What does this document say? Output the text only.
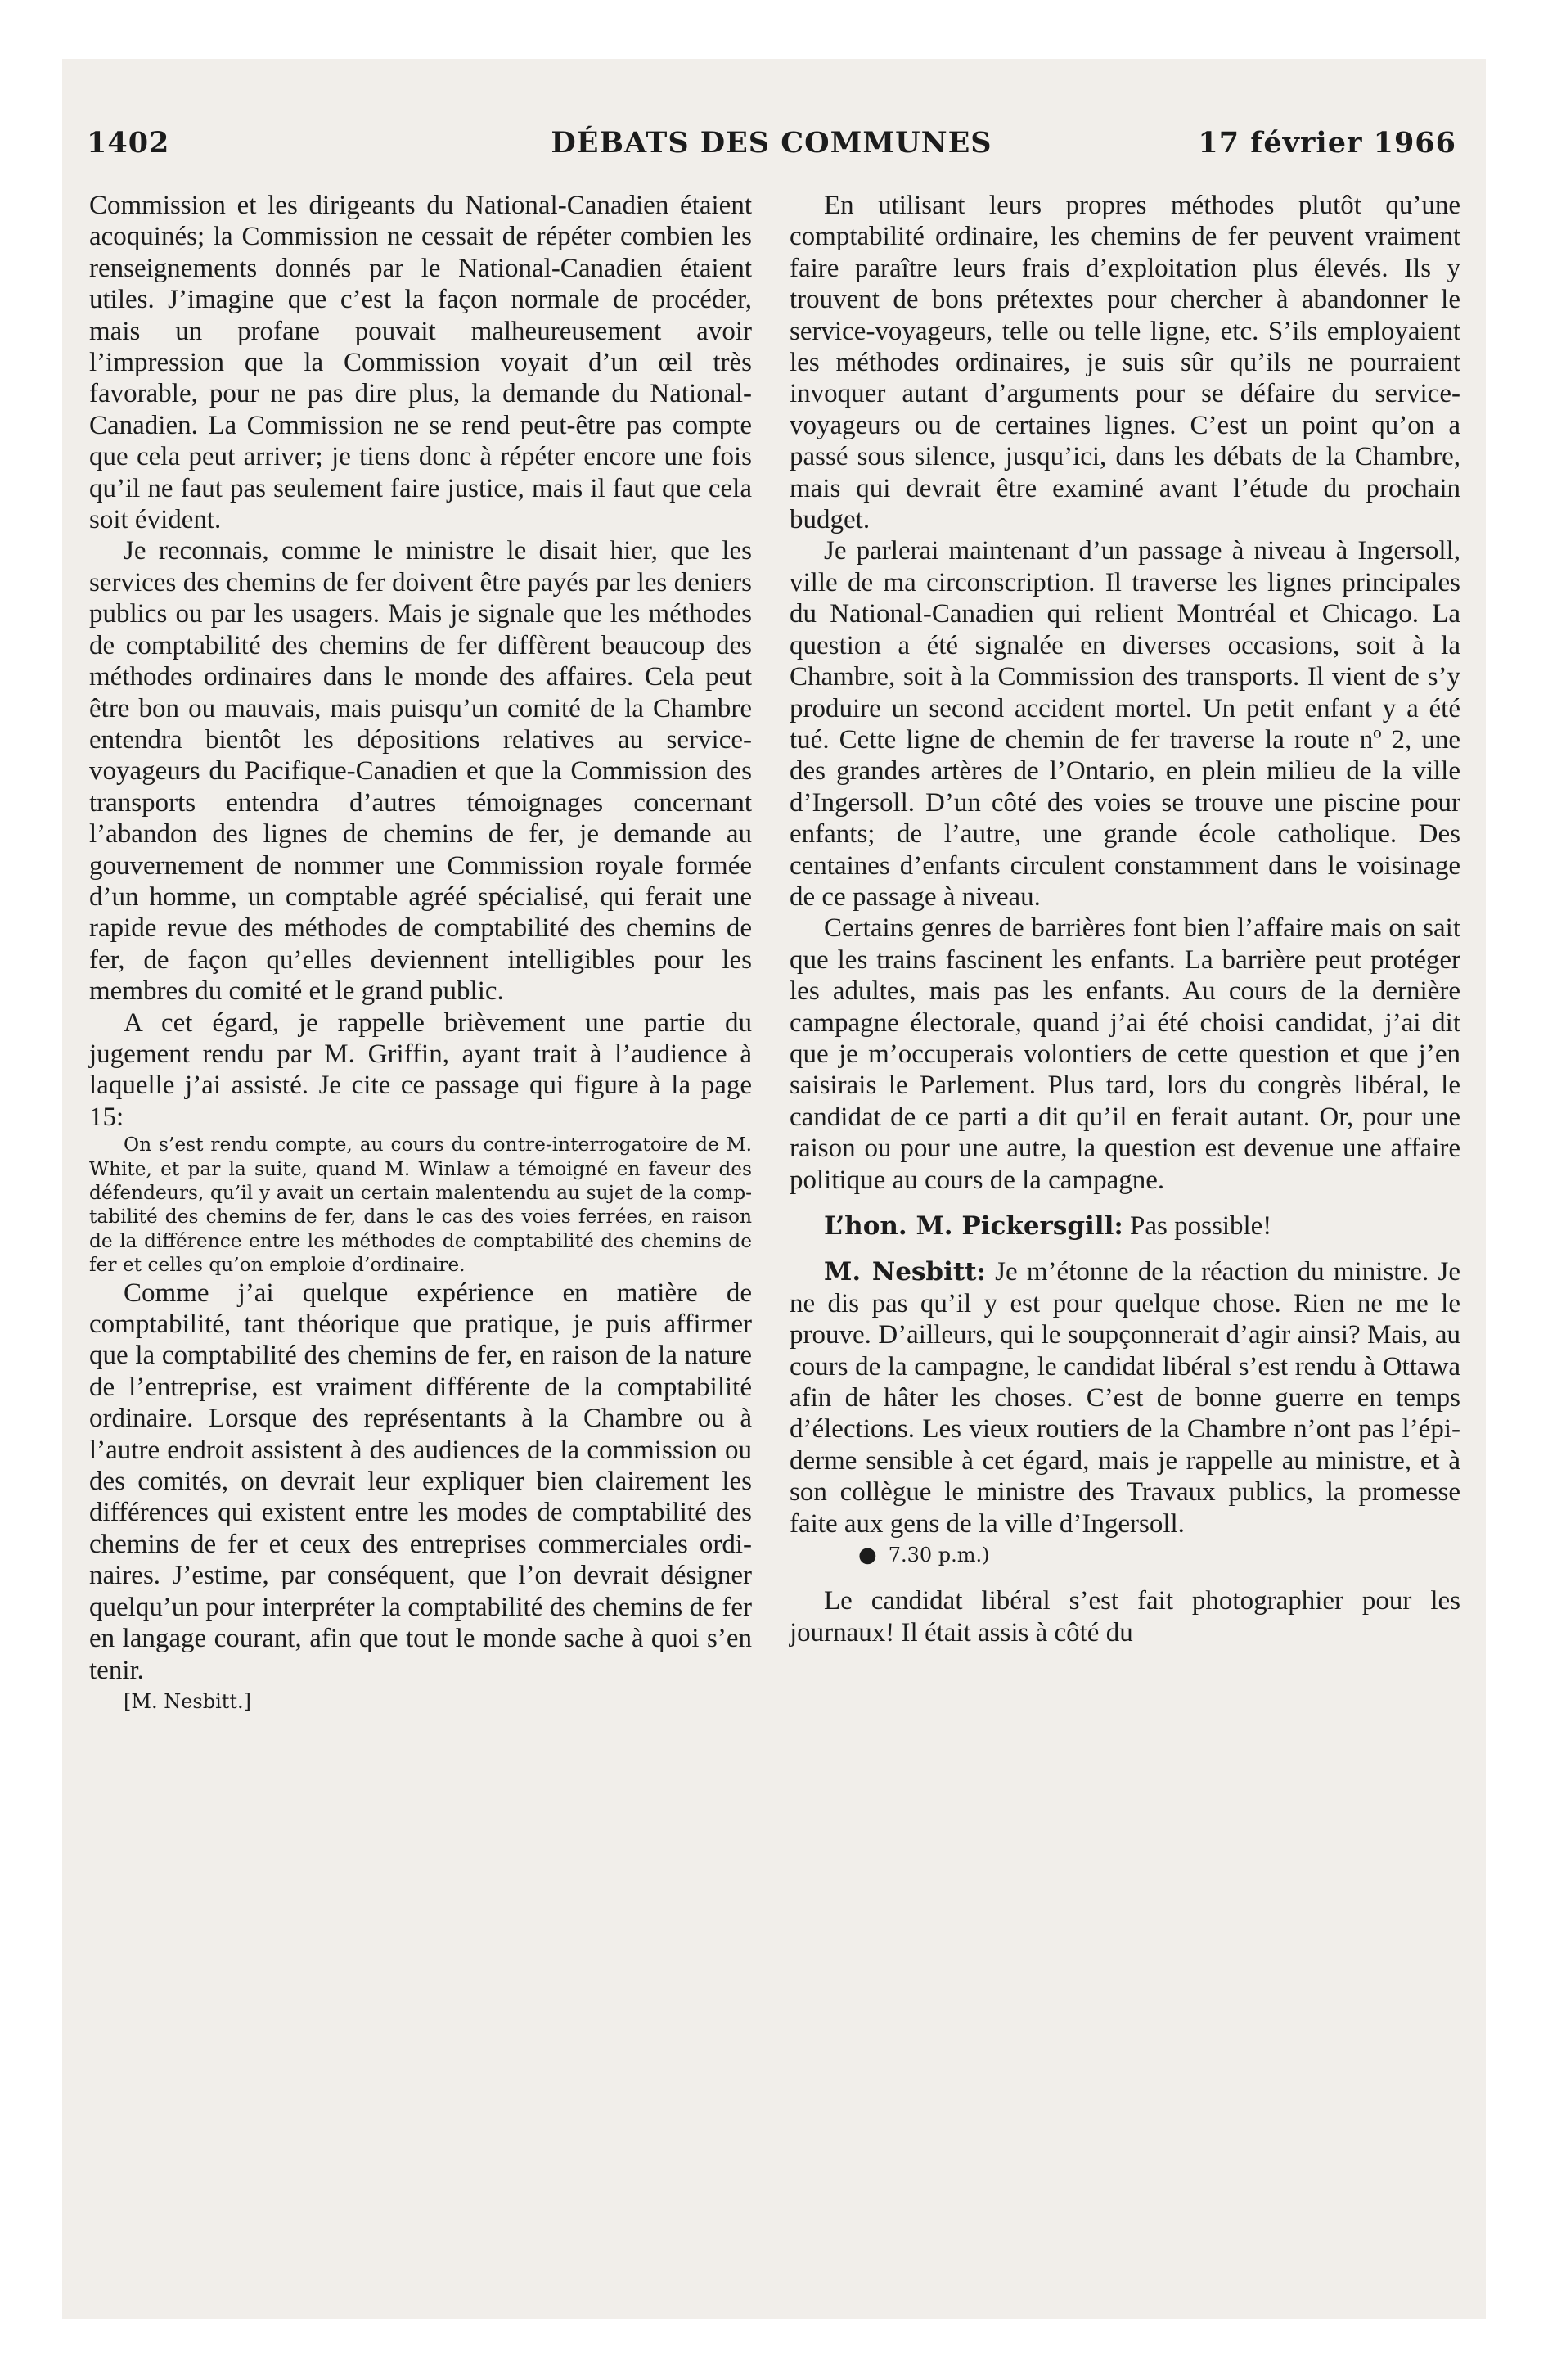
1402	DÉBATS DES COMMUNES	17 février 1966

Commission et les dirigeants du National-Canadien étaient acoquinés; la Commission ne cessait de répéter combien les renseignements donnés par le National-Canadien étaient utiles. J’imagine que c’est la façon normale de procéder, mais un profane pouvait malheureusement avoir l’impression que la Commission voyait d’un œil très favorable, pour ne pas dire plus, la demande du National-Canadien. La Commission ne se rend peut-être pas compte que cela peut arriver; je tiens donc à répéter encore une fois qu’il ne faut pas seulement faire justice, mais il faut que cela soit évident.

Je reconnais, comme le ministre le disait hier, que les services des chemins de fer doivent être payés par les deniers publics ou par les usagers. Mais je signale que les méthodes de comptabilité des chemins de fer diffèrent beaucoup des méthodes ordinaires dans le monde des affaires. Cela peut être bon ou mauvais, mais puisqu’un comité de la Chambre entendra bientôt les dépositions relatives au service-voyageurs du Pacifique-Canadien et que la Commission des transports entendra d’autres témoignages concernant l’abandon des lignes de chemins de fer, je demande au gouvernement de nommer une Commission royale formée d’un homme, un comptable agréé spécialisé, qui ferait une rapide revue des méthodes de comptabilité des chemins de fer, de façon qu’elles deviennent intelligibles pour les membres du comité et le grand public.

A cet égard, je rappelle brièvement une partie du jugement rendu par M. Griffin, ayant trait à l’audience à laquelle j’ai assisté. Je cite ce passage qui figure à la page 15:

On s’est rendu compte, au cours du contre-interrogatoire de M. White, et par la suite, quand M. Winlaw a témoigné en faveur des défendeurs, qu’il y avait un certain malentendu au sujet de la comptabilité des chemins de fer, dans le cas des voies ferrées, en raison de la différence entre les méthodes de comptabilité des chemins de fer et celles qu’on emploie d’ordinaire.

Comme j’ai quelque expérience en matière de comptabilité, tant théorique que pratique, je puis affirmer que la comptabilité des chemins de fer, en raison de la nature de l’entreprise, est vraiment différente de la comptabilité ordinaire. Lorsque des représentants à la Chambre ou à l’autre endroit assistent à des audiences de la commission ou des comités, on devrait leur expliquer bien clairement les différences qui existent entre les modes de comptabilité des chemins de fer et ceux des entreprises commerciales ordinaires. J’estime, par conséquent, que l’on devrait désigner quelqu’un pour interpréter la comptabilité des chemins de fer en langage courant, afin que tout le monde sache à quoi s’en tenir.

[M. Nesbitt.]

En utilisant leurs propres méthodes plutôt qu’une comptabilité ordinaire, les chemins de fer peuvent vraiment faire paraître leurs frais d’exploitation plus élevés. Ils y trouvent de bons prétextes pour chercher à abandonner le service-voyageurs, telle ou telle ligne, etc. S’ils employaient les méthodes ordinaires, je suis sûr qu’ils ne pourraient invoquer autant d’arguments pour se défaire du service-voyageurs ou de certaines lignes. C’est un point qu’on a passé sous silence, jusqu’ici, dans les débats de la Chambre, mais qui devrait être examiné avant l’étude du prochain budget.

Je parlerai maintenant d’un passage à niveau à Ingersoll, ville de ma circonscription. Il traverse les lignes principales du National-Canadien qui relient Montréal et Chicago. La question a été signalée en diverses occasions, soit à la Chambre, soit à la Commission des transports. Il vient de s’y produire un second accident mortel. Un petit enfant y a été tué. Cette ligne de chemin de fer traverse la route nº 2, une des grandes artères de l’Ontario, en plein milieu de la ville d’Ingersoll. D’un côté des voies se trouve une piscine pour enfants; de l’autre, une grande école catholique. Des centaines d’enfants circulent constamment dans le voisinage de ce passage à niveau.

Certains genres de barrières font bien l’affaire mais on sait que les trains fascinent les enfants. La barrière peut protéger les adultes, mais pas les enfants. Au cours de la dernière campagne électorale, quand j’ai été choisi candidat, j’ai dit que je m’occuperais volontiers de cette question et que j’en saisirais le Parlement. Plus tard, lors du congrès libéral, le candidat de ce parti a dit qu’il en ferait autant. Or, pour une raison ou pour une autre, la question est devenue une affaire politique au cours de la campagne.

L’hon. M. Pickersgill: Pas possible!

M. Nesbitt: Je m’étonne de la réaction du ministre. Je ne dis pas qu’il y est pour quelque chose. Rien ne me le prouve. D’ailleurs, qui le soupçonnerait d’agir ainsi? Mais, au cours de la campagne, le candidat libéral s’est rendu à Ottawa afin de hâter les choses. C’est de bonne guerre en temps d’élections. Les vieux routiers de la Chambre n’ont pas l’épiderme sensible à cet égard, mais je rappelle au ministre, et à son collègue le ministre des Travaux publics, la promesse faite aux gens de la ville d’Ingersoll.

● 7.30 p.m.)

Le candidat libéral s’est fait photographier pour les journaux! Il était assis à côté du
